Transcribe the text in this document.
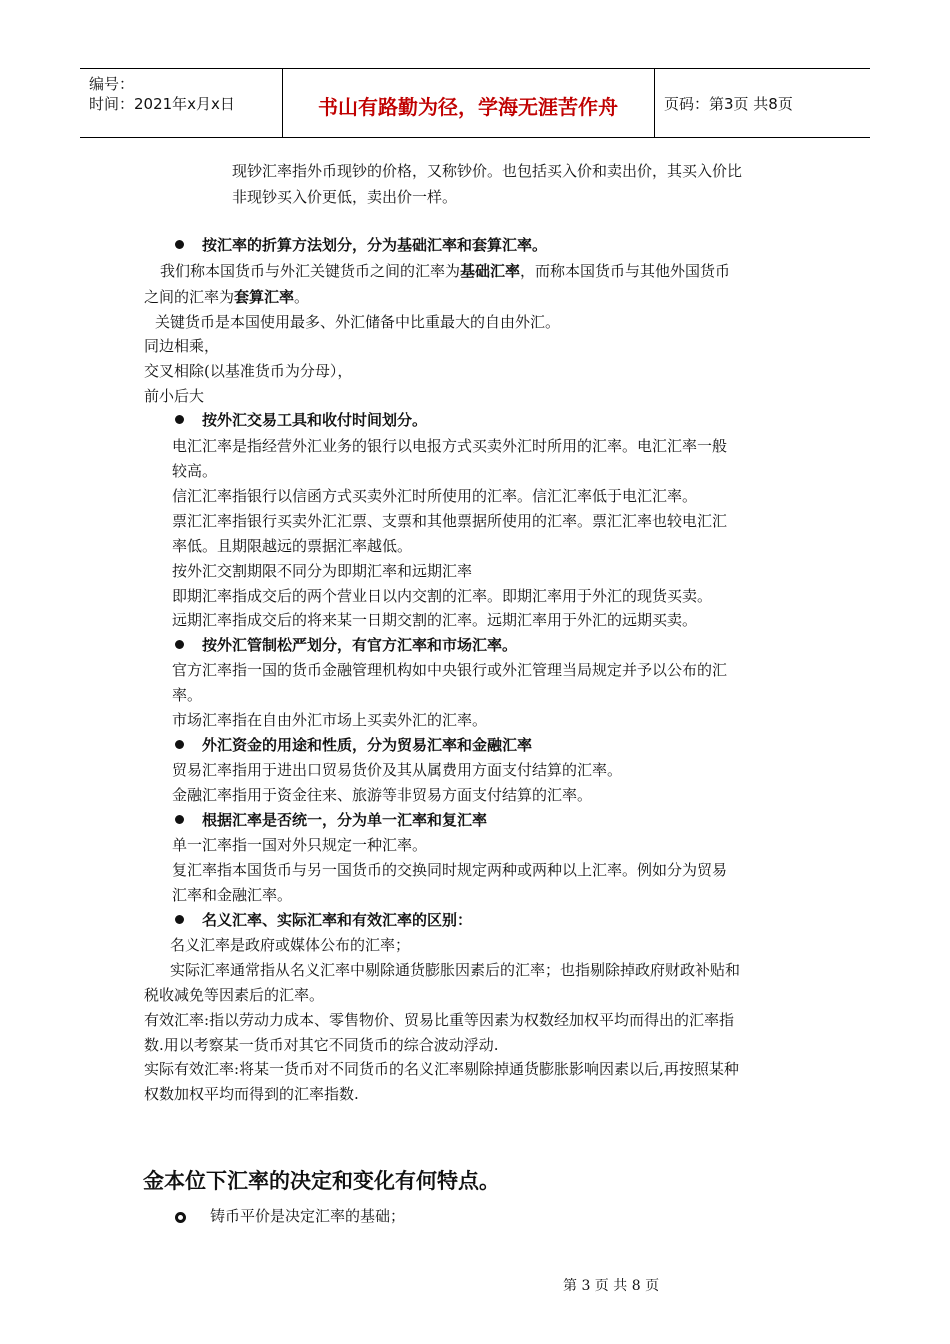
编号：
时间：2021年x月x日	书山有路勤为径，学海无涯苦作舟	页码：第3页 共8页
现钞汇率指外币现钞的价格，又称钞价。也包括买入价和卖出价，其买入价比
非现钞买入价更低，卖出价一样。
按汇率的折算方法划分，分为基础汇率和套算汇率。
我们称本国货币与外汇关键货币之间的汇率为基础汇率，而称本国货币与其他外国货币
之间的汇率为套算汇率。
关键货币是本国使用最多、外汇储备中比重最大的自由外汇。
同边相乘，
交叉相除(以基准货币为分母），
前小后大
按外汇交易工具和收付时间划分。
电汇汇率是指经营外汇业务的银行以电报方式买卖外汇时所用的汇率。电汇汇率一般
较高。
信汇汇率指银行以信函方式买卖外汇时所使用的汇率。信汇汇率低于电汇汇率。
票汇汇率指银行买卖外汇汇票、支票和其他票据所使用的汇率。票汇汇率也较电汇汇
率低。且期限越远的票据汇率越低。
按外汇交割期限不同分为即期汇率和远期汇率
即期汇率指成交后的两个营业日以内交割的汇率。即期汇率用于外汇的现货买卖。
远期汇率指成交后的将来某一日期交割的汇率。远期汇率用于外汇的远期买卖。
按外汇管制松严划分，有官方汇率和市场汇率。
官方汇率指一国的货币金融管理机构如中央银行或外汇管理当局规定并予以公布的汇
率。
市场汇率指在自由外汇市场上买卖外汇的汇率。
外汇资金的用途和性质，分为贸易汇率和金融汇率
贸易汇率指用于进出口贸易货价及其从属费用方面支付结算的汇率。
金融汇率指用于资金往来、旅游等非贸易方面支付结算的汇率。
根据汇率是否统一，分为单一汇率和复汇率
单一汇率指一国对外只规定一种汇率。
复汇率指本国货币与另一国货币的交换同时规定两种或两种以上汇率。例如分为贸易
汇率和金融汇率。
名义汇率、实际汇率和有效汇率的区别：
名义汇率是政府或媒体公布的汇率；
实际汇率通常指从名义汇率中剔除通货膨胀因素后的汇率；也指剔除掉政府财政补贴和
税收减免等因素后的汇率。
有效汇率:指以劳动力成本、零售物价、贸易比重等因素为权数经加权平均而得出的汇率指
数.用以考察某一货币对其它不同货币的综合波动浮动.
实际有效汇率:将某一货币对不同货币的名义汇率剔除掉通货膨胀影响因素以后,再按照某种
权数加权平均而得到的汇率指数.
金本位下汇率的决定和变化有何特点。
铸币平价是决定汇率的基础；
第 3 页 共 8 页
